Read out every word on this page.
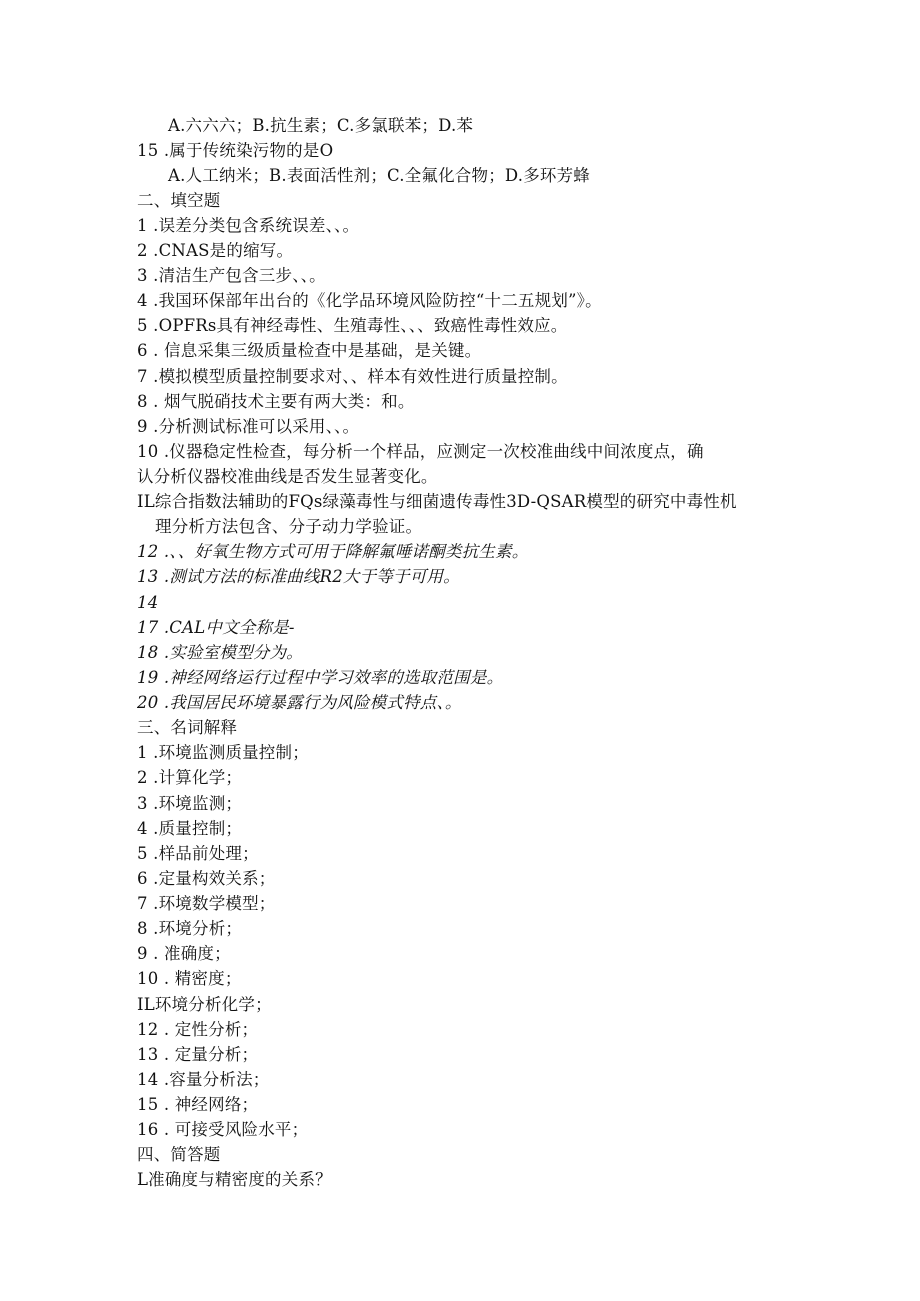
A.六六六；B.抗生素；C.多氯联苯；D.苯
15 .属于传统染污物的是O
A.人工纳米；B.表面活性剂；C.全氟化合物；D.多环芳蜂
二、填空题
1 .误差分类包含系统误差、、。
2 .CNAS是的缩写。
3 .清洁生产包含三步、、。
4 .我国环保部年出台的《化学品环境风险防控“十二五规划”》。
5 .OPFRs具有神经毒性、生殖毒性、、、致癌性毒性效应。
6 . 信息采集三级质量检查中是基础，是关键。
7 .模拟模型质量控制要求对、、样本有效性进行质量控制。
8 . 烟气脱硝技术主要有两大类：和。
9 .分析测试标准可以采用、、。
10 .仪器稳定性检查，每分析一个样品，应测定一次校准曲线中间浓度点，确
认分析仪器校准曲线是否发生显著变化。
IL综合指数法辅助的FQs绿藻毒性与细菌遗传毒性3D-QSAR模型的研究中毒性机
理分析方法包含、分子动力学验证。
12 .、、好氧生物方式可用于降解氟唾诺酮类抗生素。
13 .测试方法的标准曲线R2大于等于可用。
14
17 .CAL中文全称是-
18 .实验室模型分为。
19 .神经网络运行过程中学习效率的选取范围是。
20 .我国居民环境暴露行为风险模式特点、。
三、名词解释
1 .环境监测质量控制；
2 .计算化学；
3 .环境监测；
4 .质量控制；
5 .样品前处理；
6 .定量构效关系；
7 .环境数学模型；
8 .环境分析；
9 . 准确度；
10 . 精密度；
IL环境分析化学；
12 . 定性分析；
13 . 定量分析；
14 .容量分析法；
15 . 神经网络；
16 . 可接受风险水平；
四、简答题
L准确度与精密度的关系？
